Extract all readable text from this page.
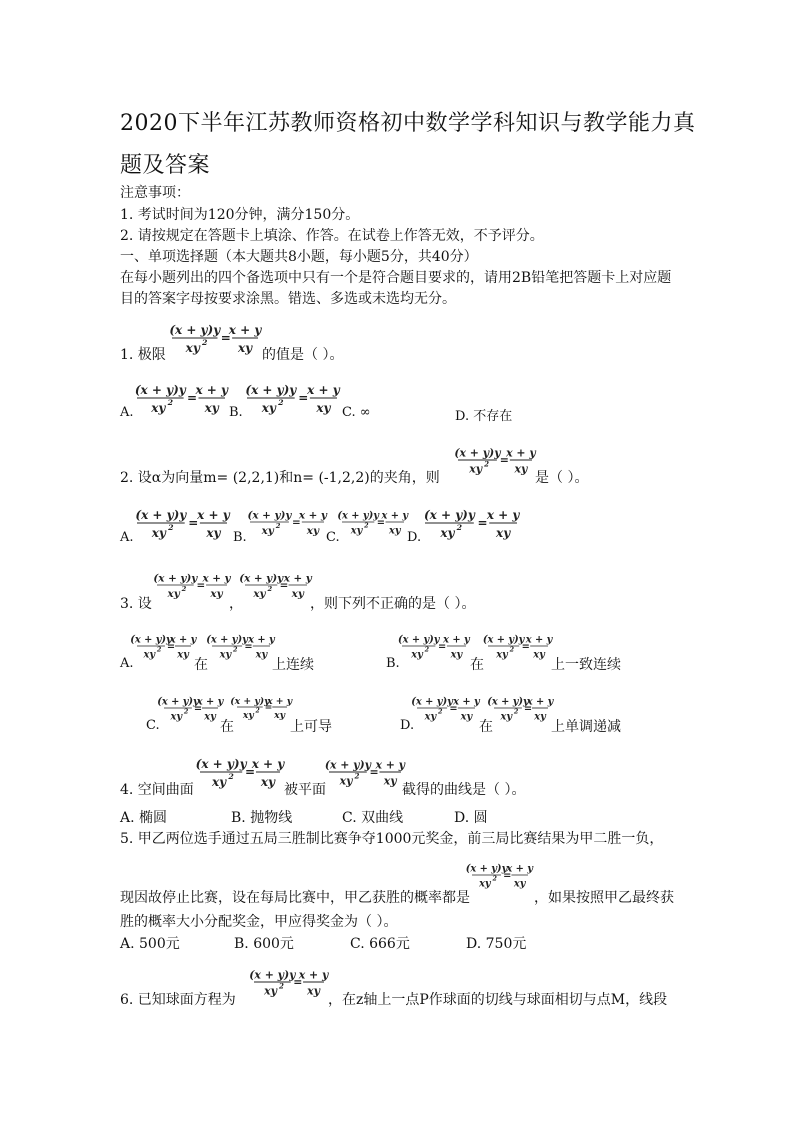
2020下半年江苏教师资格初中数学学科知识与教学能力真
题及答案
注意事项：
1. 考试时间为120分钟，满分150分。
2. 请按规定在答题卡上填涂、作答。在试卷上作答无效，不予评分。
一、单项选择题（本大题共8小题，每小题5分，共40分）
在每小题列出的四个备选项中只有一个是符合题目要求的，请用2B铅笔把答题卡上对应题
目的答案字母按要求涂黑。错选、多选或未选均无分。
1. 极限
(x + y)y
xy 2 =
x + y
xy 的值是（ ）。
A.
(x + y)y
xy 2 =
x + y
xy B.
(x + y)y
xy 2 =
x + y
xy C. ∞	D. 不存在
2. 设α为向量m= (2,2,1)和n= (-1,2,2)的夹角，则
(x + y)y
xy 2 =
x + y
xy
是（ ）。
A.
(x + y)y
xy 2 =
x + y
xy B.
(x + y)y
xy 2 =
x + y
xy C.
(x + y)y
xy 2 =
x + y
xy D.
(x + y)y
xy 2 =
x + y
xy
3. 设
(x + y)y
xy 2 =
x + y
xy
，
(x + y)y
xy 2 =
x + y
xy
，则下列不正确的是（ ）。
A.
(x + y)y
xy 2 =
x + y
xy
在
(x + y)y
xy 2 =
x + y
xy
上连续	B.
(x + y)y
xy 2 =
x + y
xy
在
(x + y)y
xy 2 =
x + y
xy
上一致连续
C.
(x + y)y
xy 2 =
x + y
xy
在
(x + y)y
xy 2 =
x + y
xy
上可导	D.
(x + y)y
xy 2 =
x + y
xy
在
(x + y)y
xy 2 =
x + y
xy
上单调递减
4. 空间曲面
(x + y)y
xy 2 =
x + y
xy 被平面
(x + y)y
xy 2 =
x + y
xy
截得的曲线是（ ）。
A. 椭圆	B. 抛物线	C. 双曲线	D. 圆
5. 甲乙两位选手通过五局三胜制比赛争夺1000元奖金，前三局比赛结果为甲二胜一负，
现因故停止比赛，设在每局比赛中，甲乙获胜的概率都是
(x + y)y
xy 2 =
x + y
xy
，如果按照甲乙最终获
胜的概率大小分配奖金，甲应得奖金为（ ）。
A. 500元	B. 600元	C. 666元	D. 750元
6. 已知球面方程为
(x + y)y
xy 2 =
x + y
xy
，在z轴上一点P作球面的切线与球面相切与点M，线段
